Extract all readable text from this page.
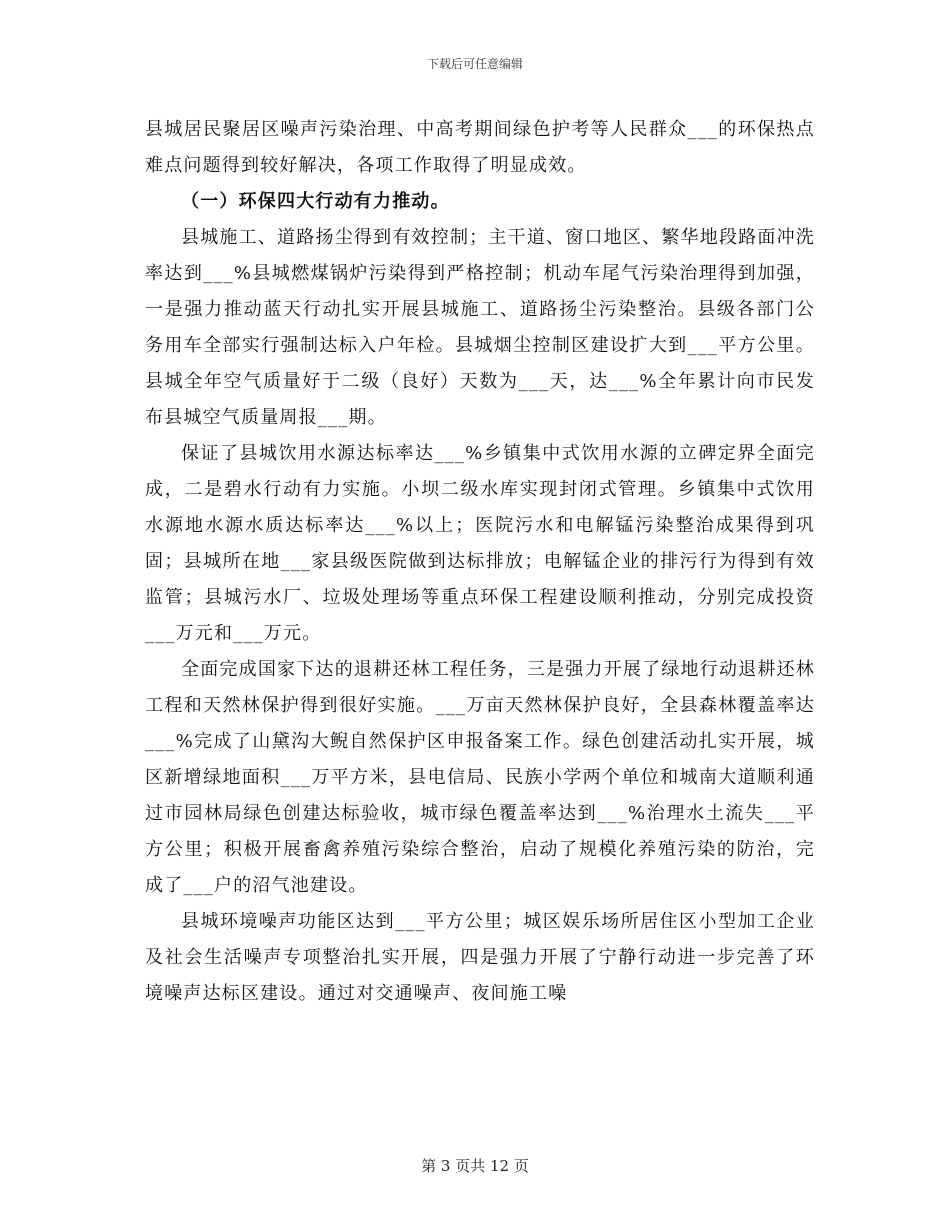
下载后可任意编辑

县城居民聚居区噪声污染治理、中高考期间绿色护考等人民群众___的环保热点难点问题得到较好解决，各项工作取得了明显成效。

（一）环保四大行动有力推动。

县城施工、道路扬尘得到有效控制；主干道、窗口地区、繁华地段路面冲洗率达到___%县城燃煤锅炉污染得到严格控制；机动车尾气污染治理得到加强，一是强力推动蓝天行动扎实开展县城施工、道路扬尘污染整治。县级各部门公务用车全部实行强制达标入户年检。县城烟尘控制区建设扩大到___平方公里。县城全年空气质量好于二级（良好）天数为___天，达___%全年累计向市民发布县城空气质量周报___期。

保证了县城饮用水源达标率达___%乡镇集中式饮用水源的立碑定界全面完成，二是碧水行动有力实施。小坝二级水库实现封闭式管理。乡镇集中式饮用水源地水源水质达标率达___%以上；医院污水和电解锰污染整治成果得到巩固；县城所在地___家县级医院做到达标排放；电解锰企业的排污行为得到有效监管；县城污水厂、垃圾处理场等重点环保工程建设顺利推动，分别完成投资___万元和___万元。

全面完成国家下达的退耕还林工程任务，三是强力开展了绿地行动退耕还林工程和天然林保护得到很好实施。___万亩天然林保护良好，全县森林覆盖率达___%完成了山黛沟大鲵自然保护区申报备案工作。绿色创建活动扎实开展，城区新增绿地面积___万平方米，县电信局、民族小学两个单位和城南大道顺利通过市园林局绿色创建达标验收，城市绿色覆盖率达到___%治理水土流失___平方公里；积极开展畜禽养殖污染综合整治，启动了规模化养殖污染的防治，完成了___户的沼气池建设。

县城环境噪声功能区达到___平方公里；城区娱乐场所居住区小型加工企业及社会生活噪声专项整治扎实开展，四是强力开展了宁静行动进一步完善了环境噪声达标区建设。通过对交通噪声、夜间施工噪

第 3 页共 12 页
